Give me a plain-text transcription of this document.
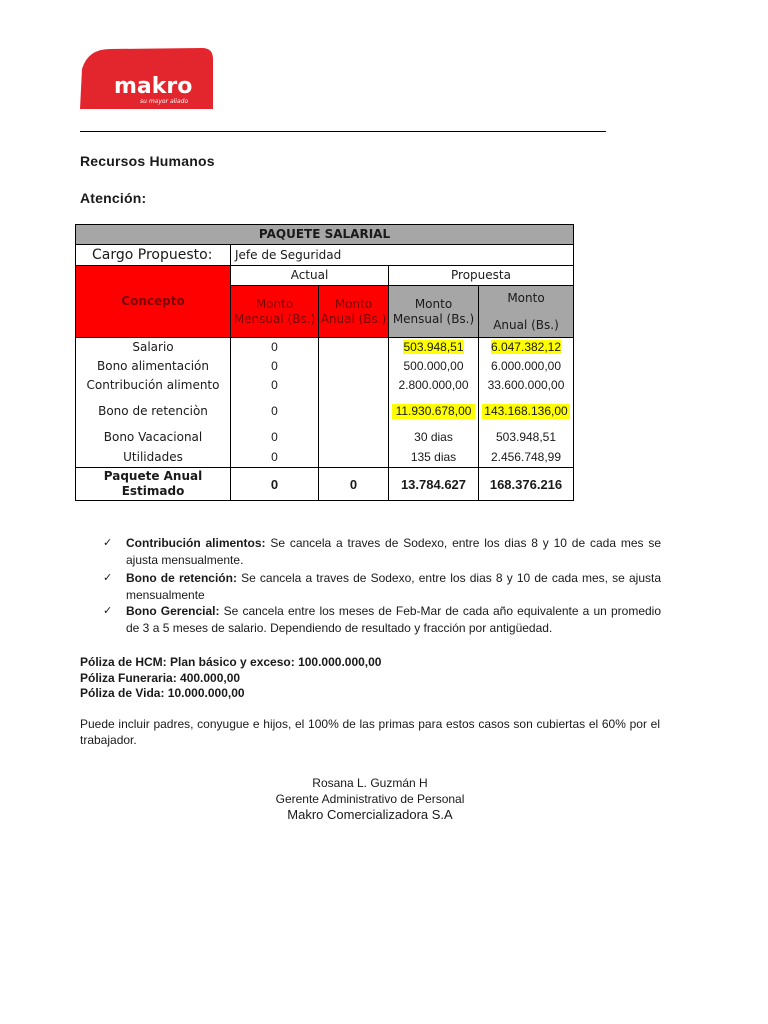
makro
su mayor aliado
Recursos Humanos
Atención:
PAQUETE SALARIAL				
Cargo Propuesto:	Jefe de Seguridad			
Concepto	Actual		Propuesta	
	Monto Mensual (Bs.)	Monto Anual (Bs.)	Monto Mensual (Bs.)	Monto
Anual (Bs.)

Salario	0		503.948,51	6.047.382,12
Bono alimentación	0		500.000,00	6.000.000,00
Contribución alimento	0		2.800.000,00	33.600.000,00
Bono de retenciòn	0		11.930.678,00	143.168.136,00

Bono Vacacional	0		30 dias	503.948,51
Utilidades	0		135 dias	2.456.748,99
Paquete Anual Estimado	0	0	13.784.627	168.376.216
✓ Contribución alimentos: Se cancela a traves de Sodexo, entre los dias 8 y 10 de cada mes se ajusta mensualmente.
✓ Bono de retención: Se cancela a traves de Sodexo, entre los dias 8 y 10 de cada mes, se ajusta mensualmente
✓ Bono Gerencial: Se cancela entre los meses de Feb-Mar de cada año equivalente a un promedio de 3 a 5 meses de salario. Dependiendo de resultado y fracción por antigüedad.
Póliza de HCM: Plan básico y exceso: 100.000.000,00
Póliza Funeraria: 400.000,00
Póliza de Vida: 10.000.000,00
Puede incluir padres, conyugue e hijos, el 100% de las primas para estos casos son cubiertas el 60% por el trabajador.
Rosana L. Guzmán H
Gerente Administrativo de Personal
Makro Comercializadora S.A
